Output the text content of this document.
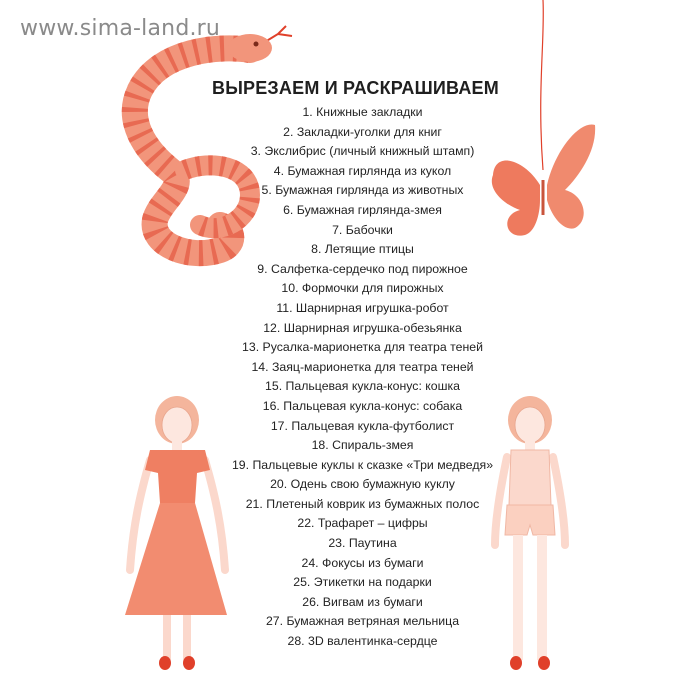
www.sima-land.ru
ВЫРЕЗАЕМ И РАСКРАШИВАЕМ
1. Книжные закладки
2. Закладки-уголки для книг
3. Экслибрис (личный книжный штамп)
4. Бумажная гирлянда из кукол
5. Бумажная гирлянда из животных
6. Бумажная гирлянда-змея
7. Бабочки
8. Летящие птицы
9. Салфетка-сердечко под пирожное
10. Формочки для пирожных
11. Шарнирная игрушка-робот
12. Шарнирная игрушка-обезьянка
13. Русалка-марионетка для театра теней
14. Заяц-марионетка для театра теней
15. Пальцевая кукла-конус: кошка
16. Пальцевая кукла-конус: собака
17. Пальцевая кукла-футболист
18. Спираль-змея
19. Пальцевые куклы к сказке «Три медведя»
20. Одень свою бумажную куклу
21. Плетеный коврик из бумажных полос
22. Трафарет – цифры
23. Паутина
24. Фокусы из бумаги
25. Этикетки на подарки
26. Вигвам из бумаги
27. Бумажная ветряная мельница
28. 3D валентинка-сердце
